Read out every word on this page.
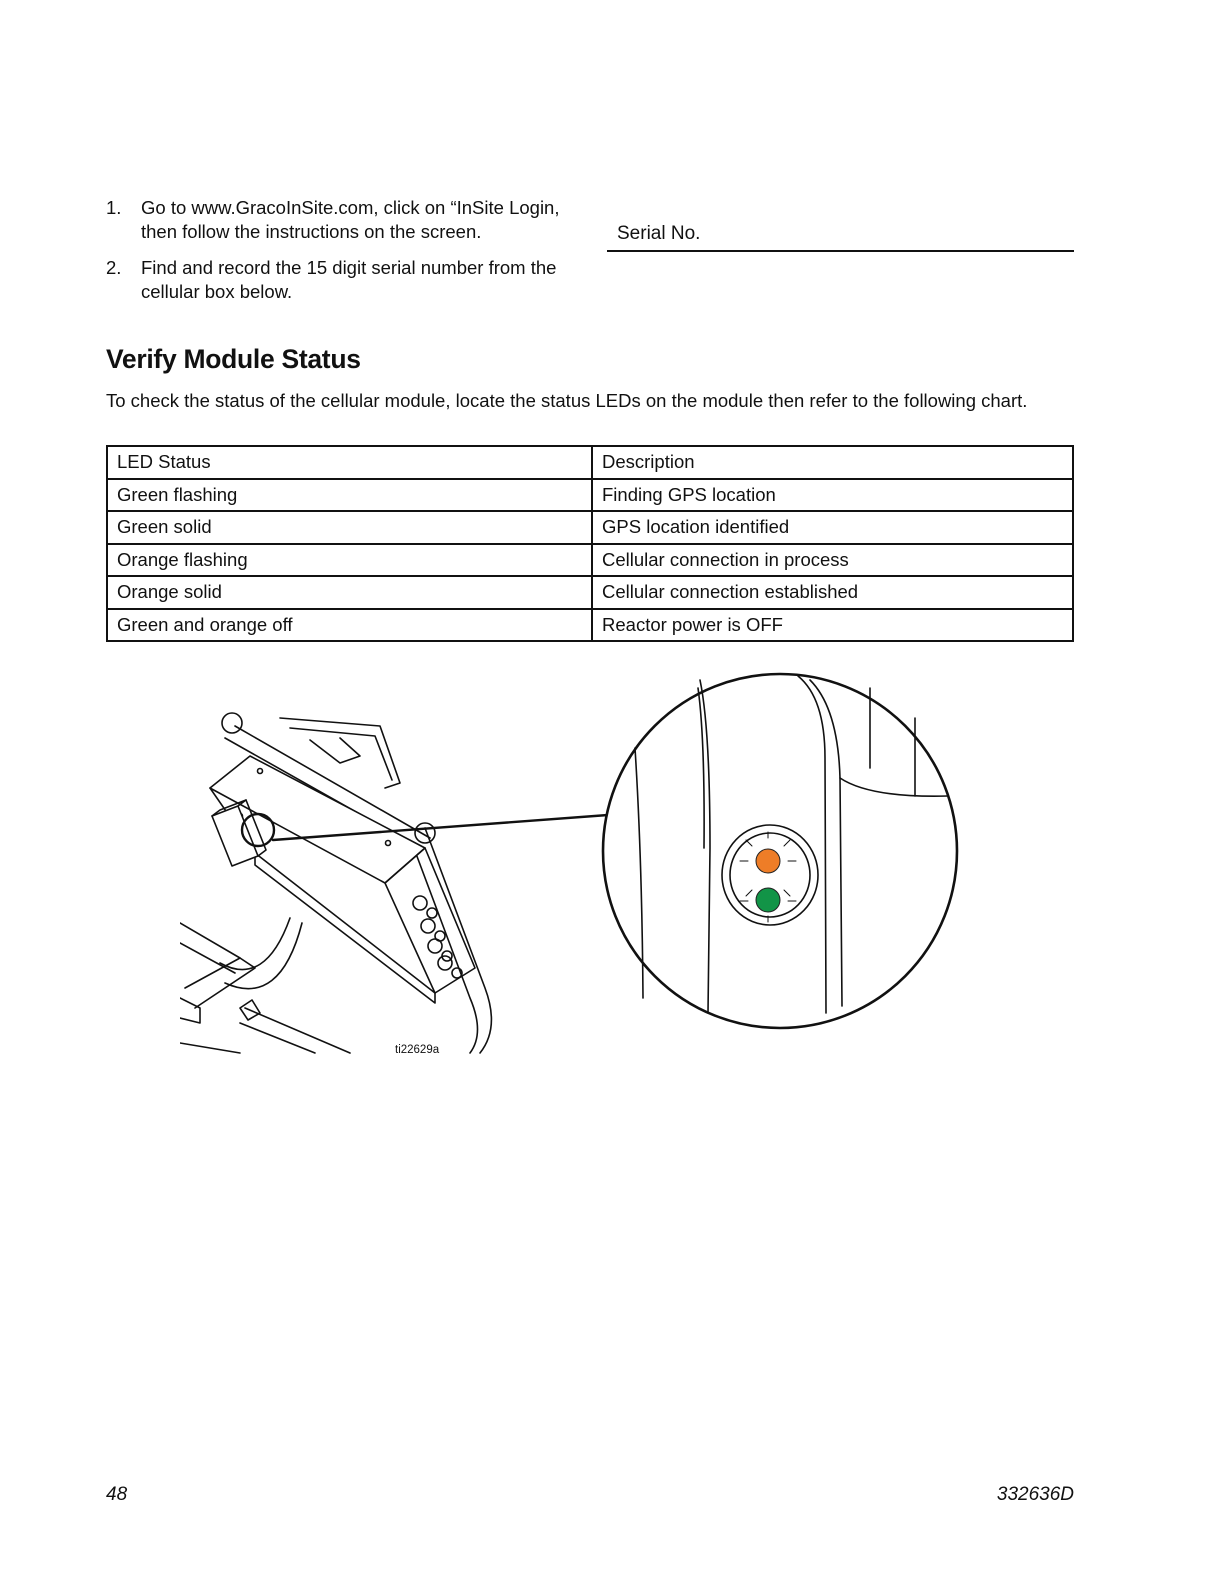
1. Go to www.GracoInSite.com, click on “InSite Login, then follow the instructions on the screen.
2. Find and record the 15 digit serial number from the cellular box below.
Serial No.
Verify Module Status

To check the status of the cellular module, locate the status LEDs on the module then refer to the following chart.

LED Status	Description
Green flashing	Finding GPS location
Green solid	GPS location identified
Orange flashing	Cellular connection in process
Orange solid	Cellular connection established
Green and orange off	Reactor power is OFF
ti22629a
48	332636D
